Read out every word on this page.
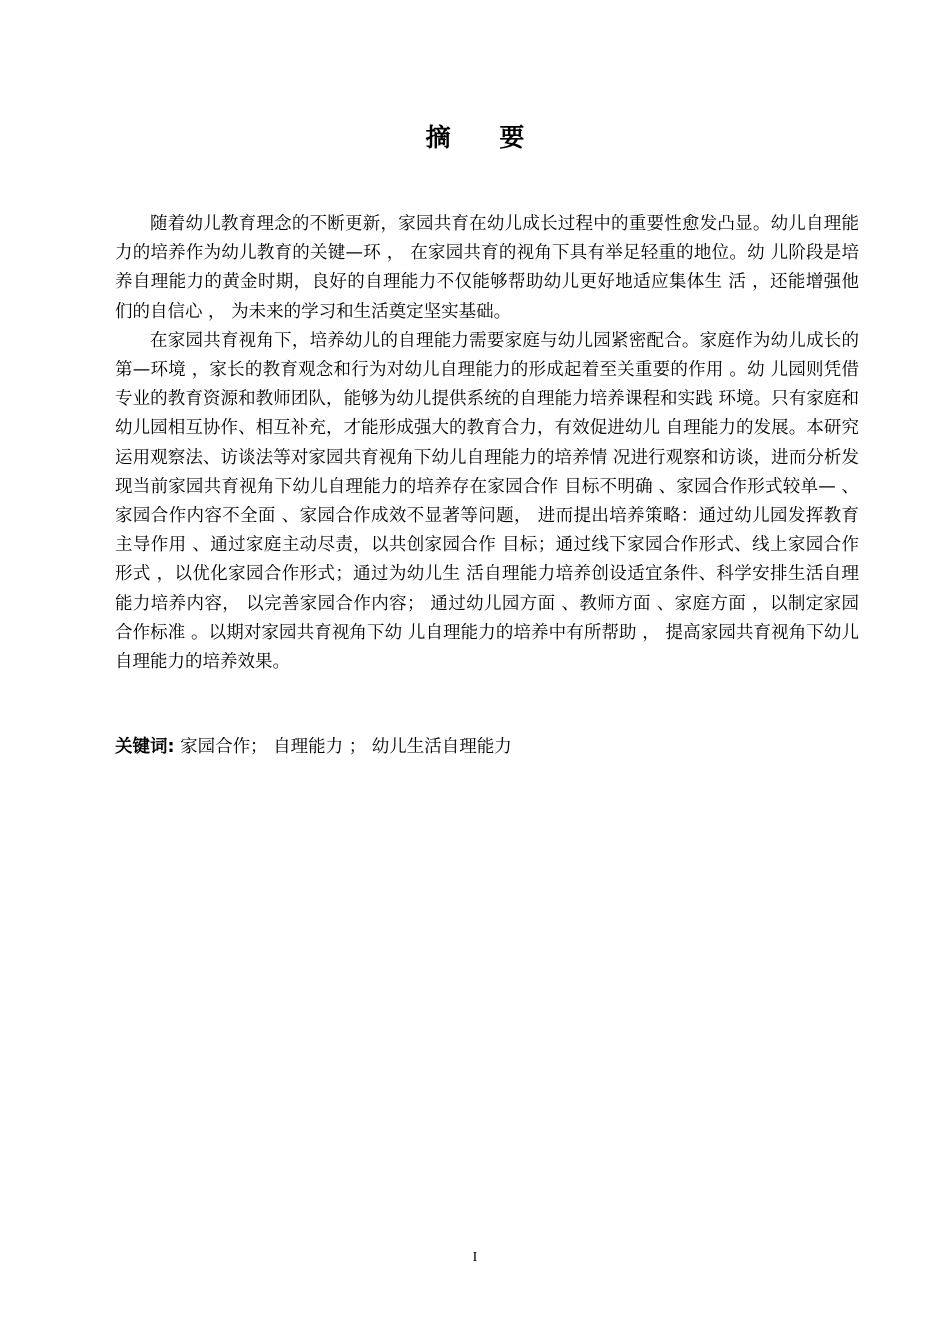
摘 要

随着幼儿教育理念的不断更新，家园共育在幼儿成长过程中的重要性愈发凸显。幼儿自理能力的培养作为幼儿教育的关键—环 ， 在家园共育的视角下具有举足轻重的地位。幼 儿阶段是培养自理能力的黄金时期，良好的自理能力不仅能够帮助幼儿更好地适应集体生 活 ，还能增强他们的自信心 ， 为未来的学习和生活奠定坚实基础。

在家园共育视角下，培养幼儿的自理能力需要家庭与幼儿园紧密配合。家庭作为幼儿成长的第—环境 ，家长的教育观念和行为对幼儿自理能力的形成起着至关重要的作用 。幼 儿园则凭借专业的教育资源和教师团队，能够为幼儿提供系统的自理能力培养课程和实践 环境。只有家庭和幼儿园相互协作、相互补充，才能形成强大的教育合力，有效促进幼儿 自理能力的发展。本研究运用观察法、访谈法等对家园共育视角下幼儿自理能力的培养情 况进行观察和访谈，进而分析发现当前家园共育视角下幼儿自理能力的培养存在家园合作 目标不明确 、家园合作形式较单— 、家园合作内容不全面 、家园合作成效不显著等问题， 进而提出培养策略：通过幼儿园发挥教育主导作用 、通过家庭主动尽责，以共创家园合作 目标；通过线下家园合作形式、线上家园合作形式 ，以优化家园合作形式；通过为幼儿生 活自理能力培养创设适宜条件、科学安排生活自理能力培养内容， 以完善家园合作内容； 通过幼儿园方面 、教师方面 、家庭方面 ，以制定家园合作标准 。以期对家园共育视角下幼 儿自理能力的培养中有所帮助 ， 提高家园共育视角下幼儿自理能力的培养效果。

关键词: 家园合作； 自理能力 ； 幼儿生活自理能力
I
